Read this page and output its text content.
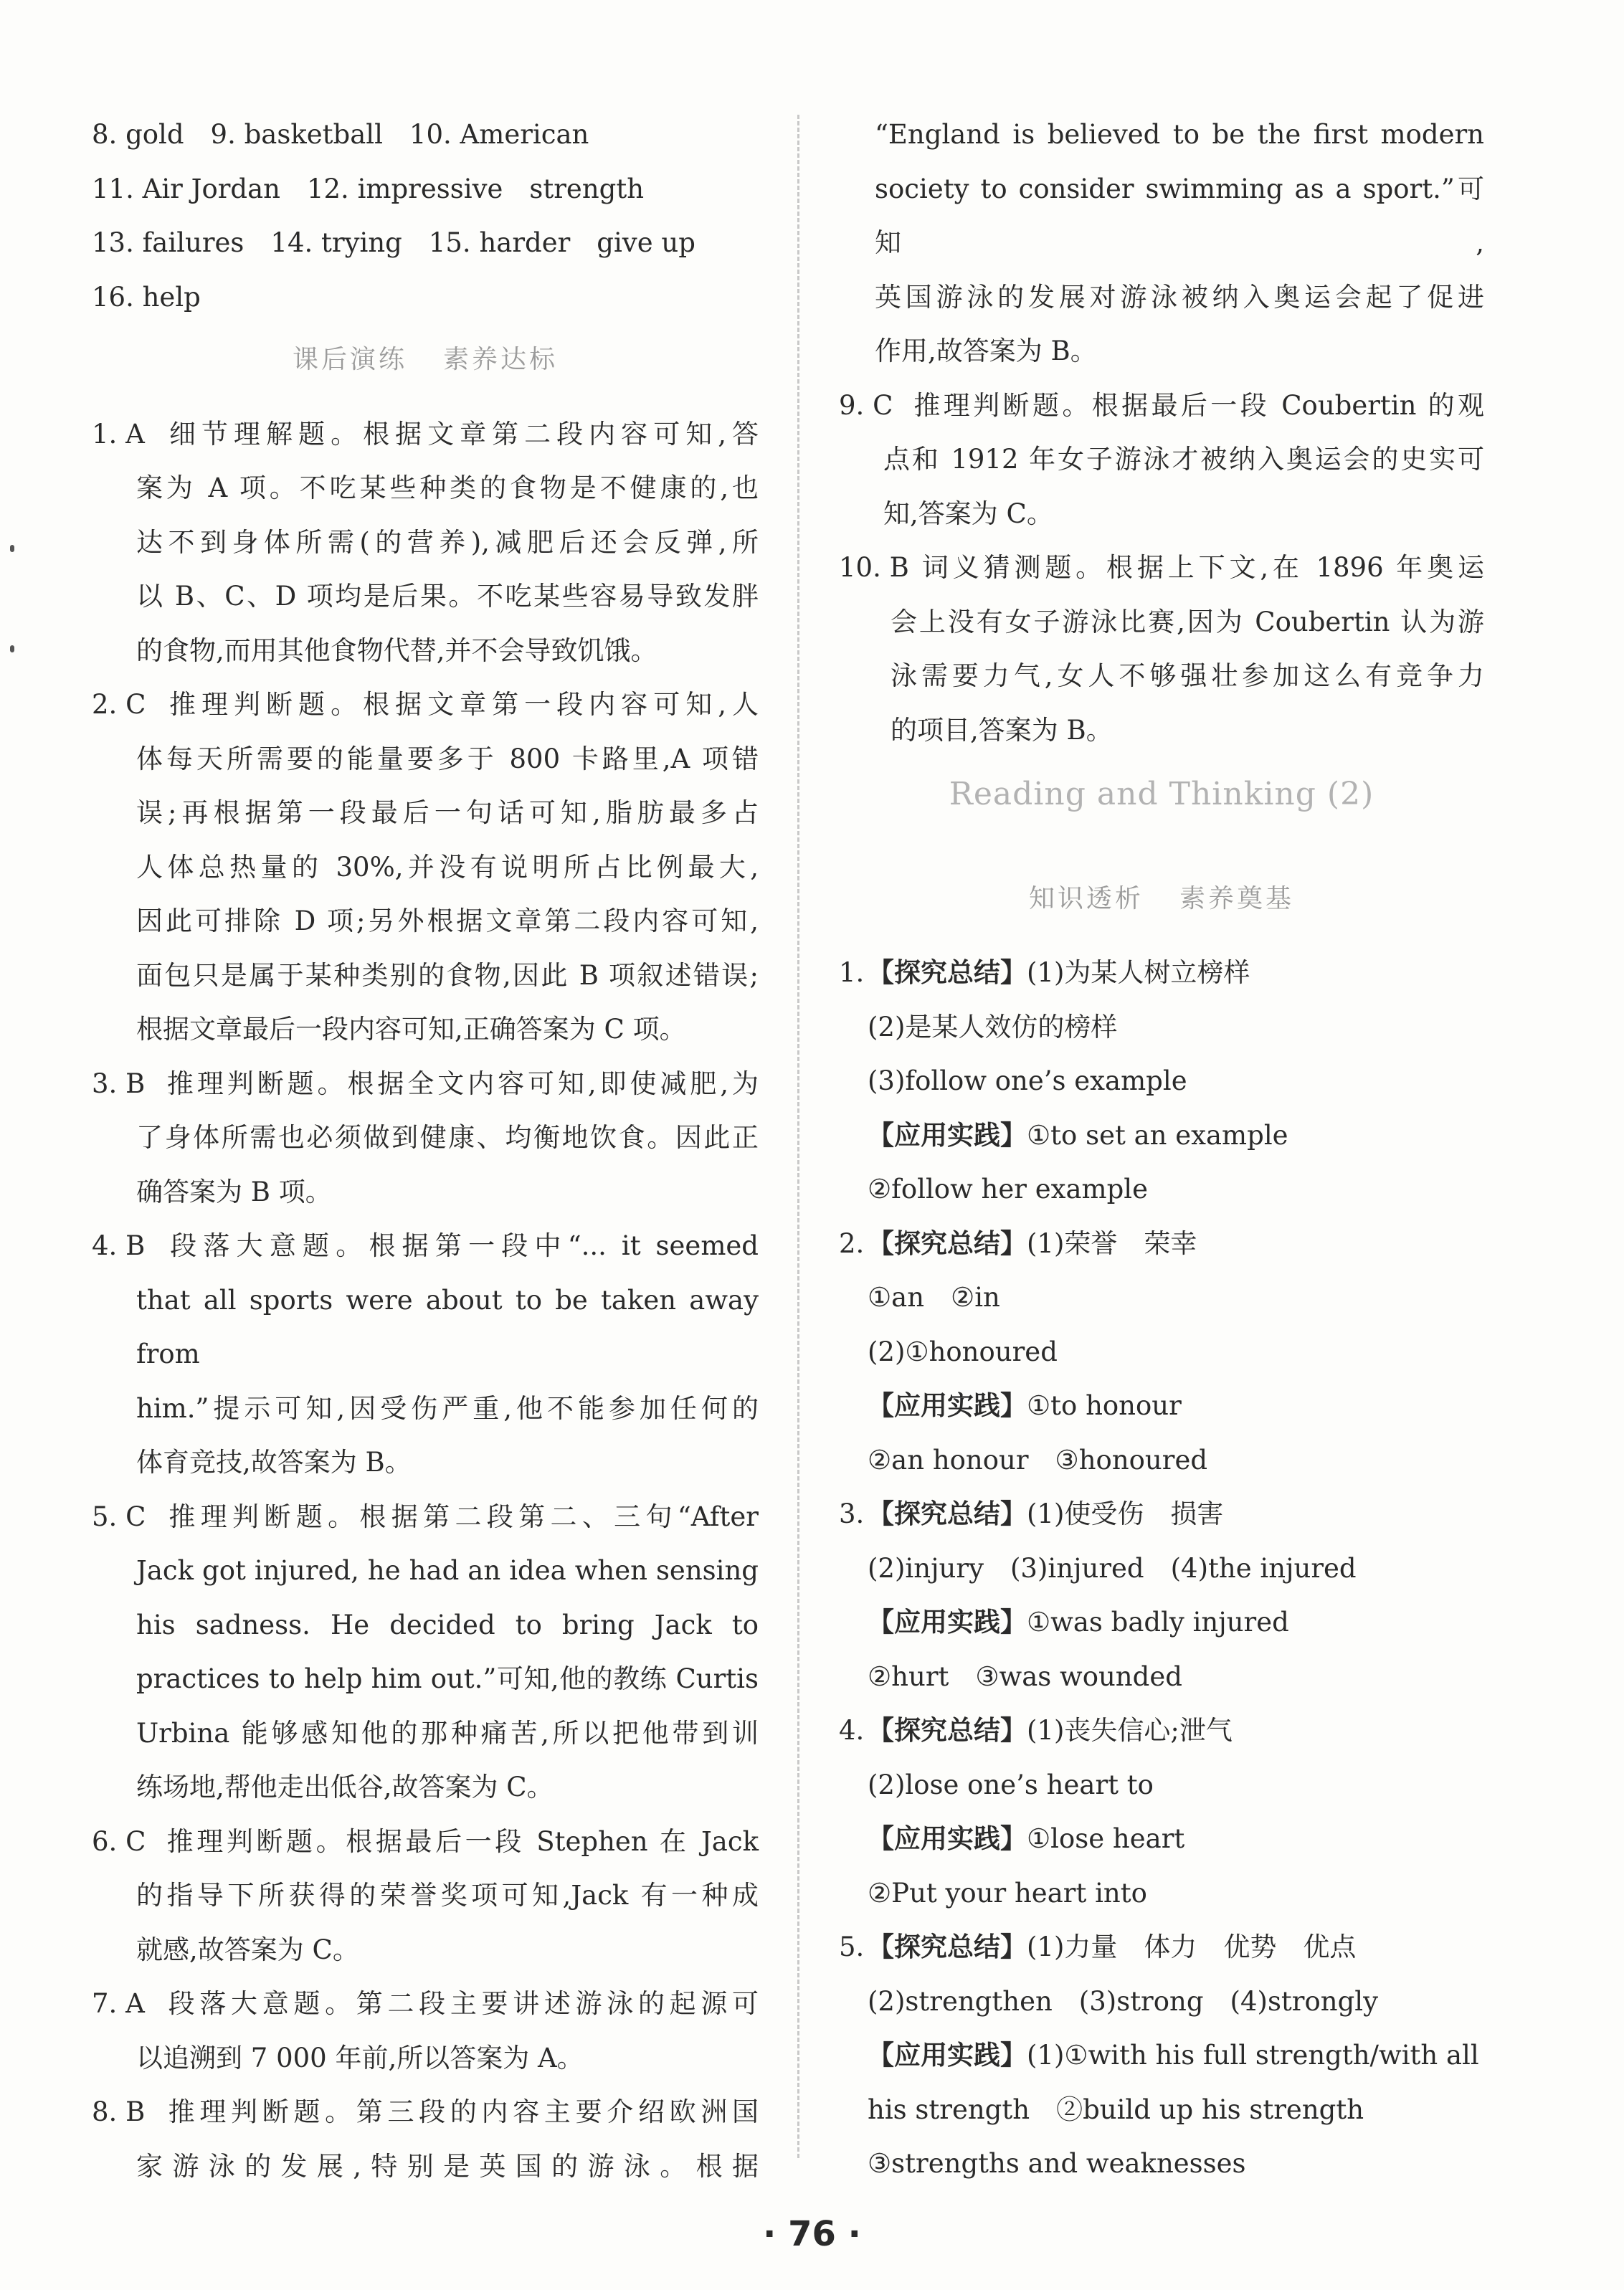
8. gold　9. basketball　10. American
11. Air Jordan　12. impressive　strength
13. failures　14. trying　15. harder　give up
16. help
课后演练 素养达标
1. A 细节理解题。根据文章第二段内容可知,答
案为 A 项。不吃某些种类的食物是不健康的,也
达不到身体所需(的营养),减肥后还会反弹,所
以 B、C、D 项均是后果。不吃某些容易导致发胖
的食物,而用其他食物代替,并不会导致饥饿。
2. C 推理判断题。根据文章第一段内容可知,人
体每天所需要的能量要多于 800 卡路里,A 项错
误;再根据第一段最后一句话可知,脂肪最多占
人体总热量的 30%,并没有说明所占比例最大,
因此可排除 D 项;另外根据文章第二段内容可知,
面包只是属于某种类别的食物,因此 B 项叙述错误;
根据文章最后一段内容可知,正确答案为 C 项。
3. B 推理判断题。根据全文内容可知,即使减肥,为
了身体所需也必须做到健康、均衡地饮食。因此正
确答案为 B 项。
4. B 段落大意题。根据第一段中“... it seemed
that all sports were about to be taken away from
him.”提示可知,因受伤严重,他不能参加任何的
体育竞技,故答案为 B。
5. C 推理判断题。根据第二段第二、三句“After
Jack got injured, he had an idea when sensing
his sadness. He decided to bring Jack to
practices to help him out.”可知,他的教练 Curtis
Urbina 能够感知他的那种痛苦,所以把他带到训
练场地,帮他走出低谷,故答案为 C。
6. C 推理判断题。根据最后一段 Stephen 在 Jack
的指导下所获得的荣誉奖项可知,Jack 有一种成
就感,故答案为 C。
7. A 段落大意题。第二段主要讲述游泳的起源可
以追溯到 7 000 年前,所以答案为 A。
8. B 推理判断题。第三段的内容主要介绍欧洲国
家游泳的发展,特别是英国的游泳。根据
“England is believed to be the first modern
society to consider swimming as a sport.”可知,
英国游泳的发展对游泳被纳入奥运会起了促进
作用,故答案为 B。
9. C 推理判断题。根据最后一段 Coubertin 的观
点和 1912 年女子游泳才被纳入奥运会的史实可
知,答案为 C。
10. B 词义猜测题。根据上下文,在 1896 年奥运
会上没有女子游泳比赛,因为 Coubertin 认为游
泳需要力气,女人不够强壮参加这么有竞争力
的项目,答案为 B。
Reading and Thinking (2)
知识透析 素养奠基
1. 【探究总结】(1)为某人树立榜样
(2)是某人效仿的榜样
(3)follow one’s example
【应用实践】①to set an example
②follow her example
2. 【探究总结】(1)荣誉　荣幸
①an　②in
(2)①honoured
【应用实践】①to honour
②an honour　③honoured
3. 【探究总结】(1)使受伤　损害
(2)injury　(3)injured　(4)the injured
【应用实践】①was badly injured
②hurt　③was wounded
4. 【探究总结】(1)丧失信心;泄气
(2)lose one’s heart to
【应用实践】①lose heart
②Put your heart into
5. 【探究总结】(1)力量　体力　优势　优点
(2)strengthen　(3)strong　(4)strongly
【应用实践】(1)①with his full strength/with all
his strength　②build up his strength
③strengths and weaknesses
· 76 ·
